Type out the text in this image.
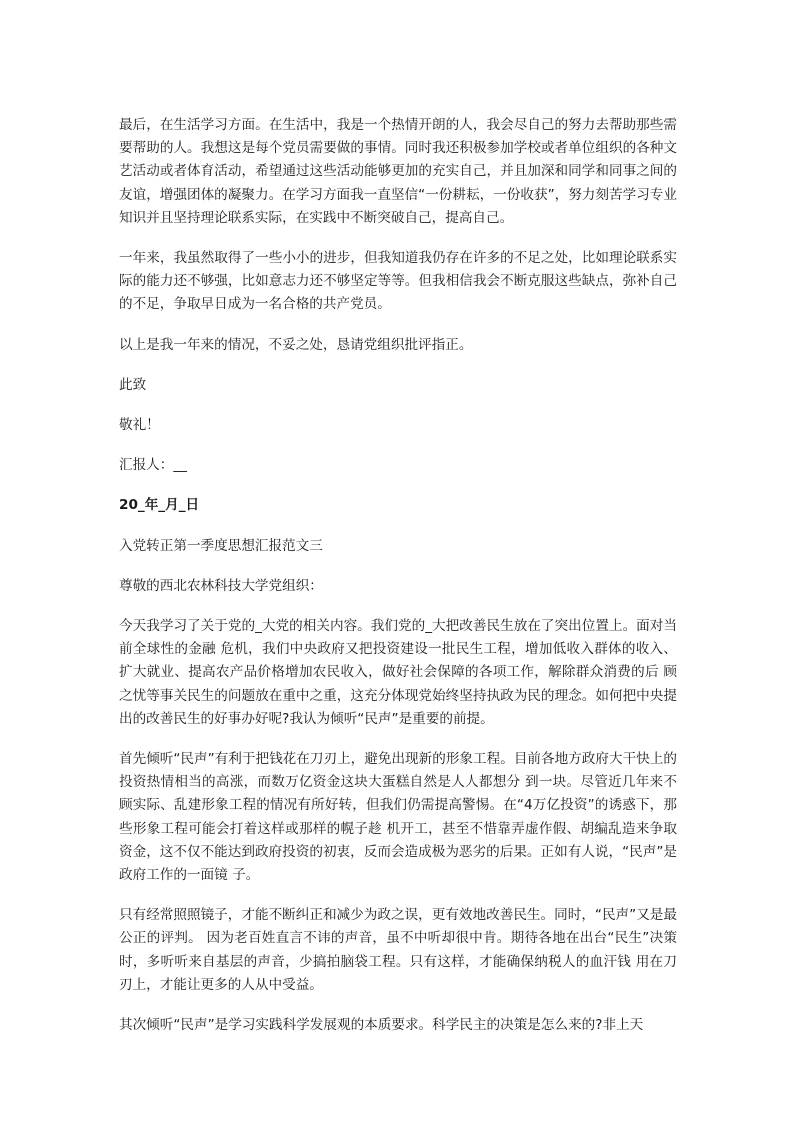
最后，在生活学习方面。在生活中，我是一个热情开朗的人，我会尽自己的努力去帮助那些需要帮助的人。我想这是每个党员需要做的事情。同时我还积极参加学校或者单位组织的各种文艺活动或者体育活动，希望通过这些活动能够更加的充实自己，并且加深和同学和同事之间的友谊，增强团体的凝聚力。在学习方面我一直坚信“一份耕耘，一份收获”，努力刻苦学习专业知识并且坚持理论联系实际，在实践中不断突破自己，提高自己。

一年来，我虽然取得了一些小小的进步，但我知道我仍存在许多的不足之处，比如理论联系实际的能力还不够强，比如意志力还不够坚定等等。但我相信我会不断克服这些缺点，弥补自己的不足，争取早日成为一名合格的共产党员。

以上是我一年来的情况，不妥之处，恳请党组织批评指正。

此致

敬礼！

汇报人：__

20_年_月_日

入党转正第一季度思想汇报范文三

尊敬的西北农林科技大学党组织：

今天我学习了关于党的_大党的相关内容。我们党的_大把改善民生放在了突出位置上。面对当前全球性的金融 危机，我们中央政府又把投资建设一批民生工程，增加低收入群体的收入、扩大就业、提高农产品价格增加农民收入，做好社会保障的各项工作，解除群众消费的后 顾之忧等事关民生的问题放在重中之重，这充分体现党始终坚持执政为民的理念。如何把中央提出的改善民生的好事办好呢?我认为倾听“民声”是重要的前提。

首先倾听“民声”有利于把钱花在刀刃上，避免出现新的形象工程。目前各地方政府大干快上的投资热情相当的高涨，而数万亿资金这块大蛋糕自然是人人都想分 到一块。尽管近几年来不顾实际、乱建形象工程的情况有所好转，但我们仍需提高警惕。在“4万亿投资”的诱惑下，那些形象工程可能会打着这样或那样的幌子趁 机开工，甚至不惜靠弄虚作假、胡编乱造来争取资金，这不仅不能达到政府投资的初衷，反而会造成极为恶劣的后果。正如有人说，“民声”是政府工作的一面镜 子。

只有经常照照镜子，才能不断纠正和减少为政之误，更有效地改善民生。同时，“民声”又是最公正的评判。 因为老百姓直言不讳的声音，虽不中听却很中肯。期待各地在出台“民生”决策时，多听听来自基层的声音，少搞拍脑袋工程。只有这样，才能确保纳税人的血汗钱 用在刀刃上，才能让更多的人从中受益。

其次倾听“民声”是学习实践科学发展观的本质要求。科学民主的决策是怎么来的?非上天
